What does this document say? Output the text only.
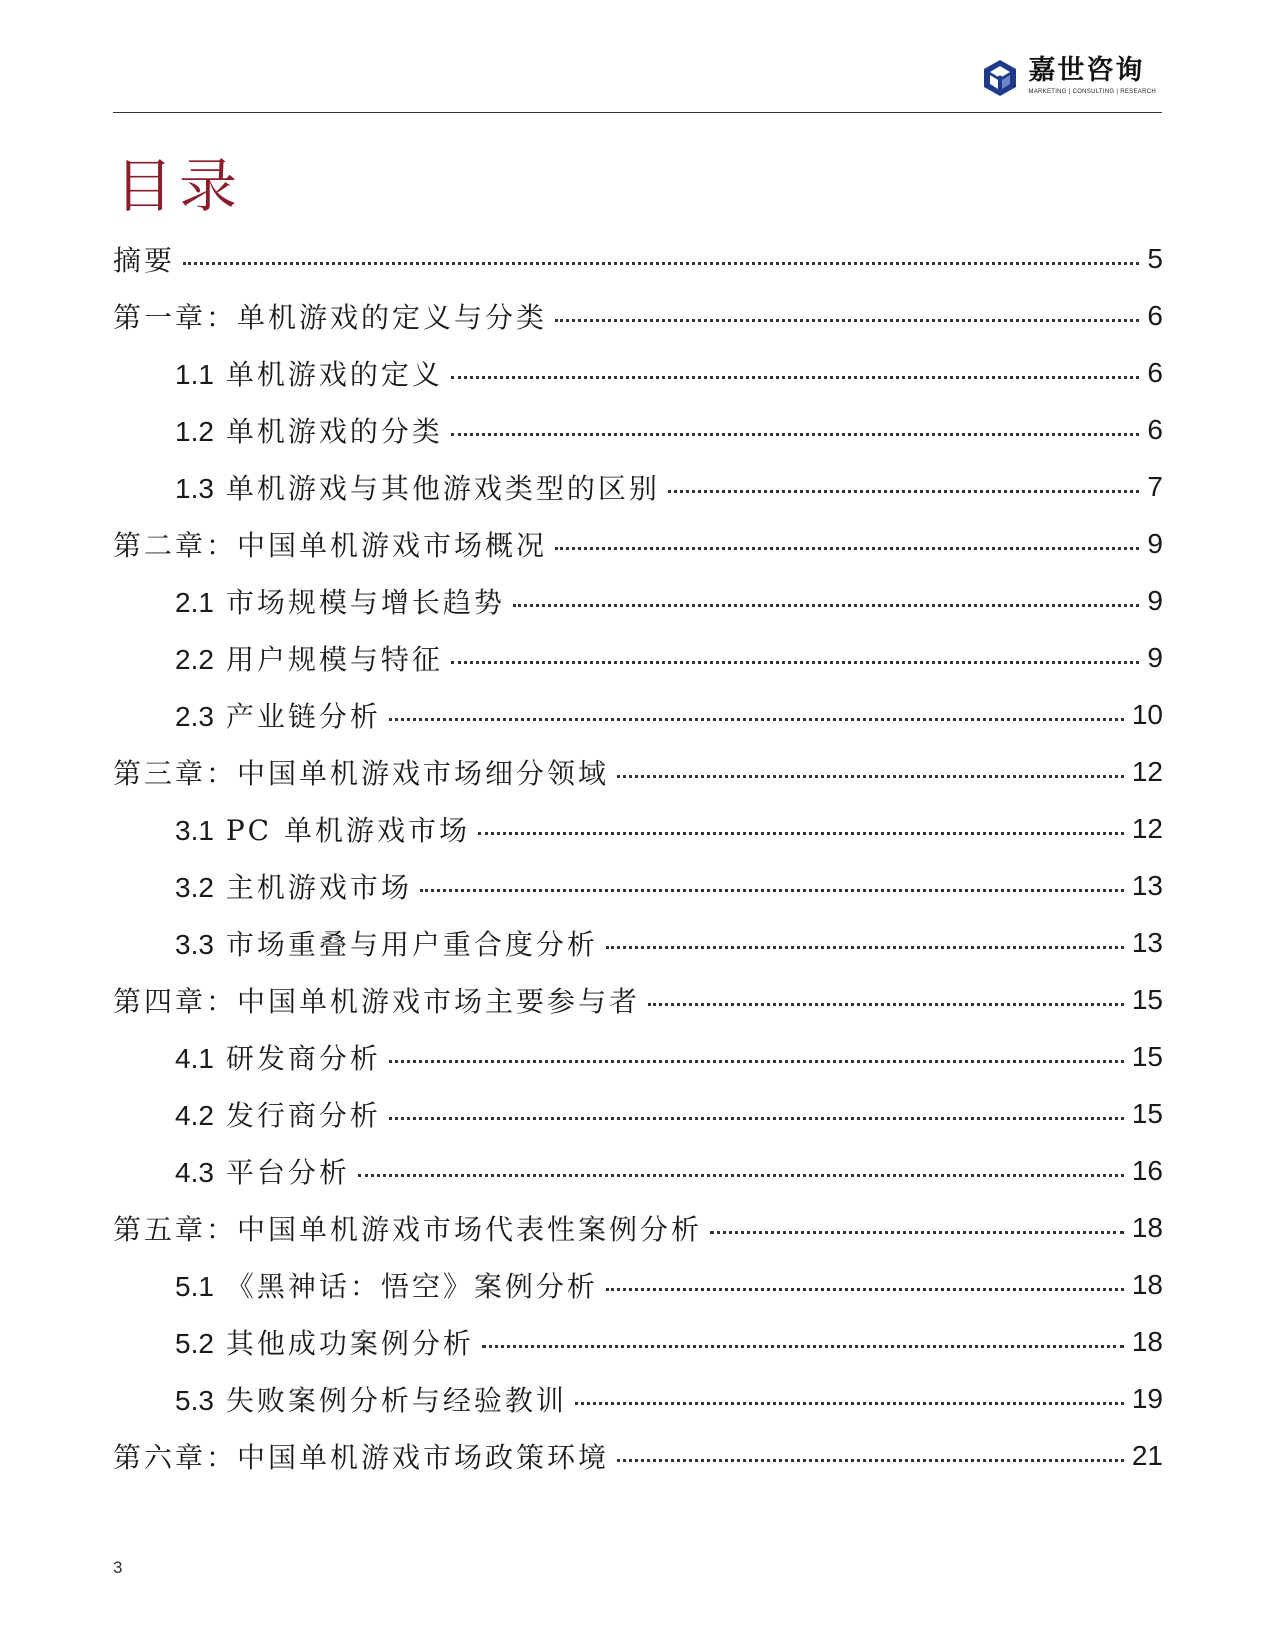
嘉世咨询
MARKETING | CONSULTING | RESEARCH
目录
摘要	5
第一章：单机游戏的定义与分类	6
1.1 单机游戏的定义	6
1.2 单机游戏的分类	6
1.3 单机游戏与其他游戏类型的区别	7
第二章：中国单机游戏市场概况	9
2.1 市场规模与增长趋势	9
2.2 用户规模与特征	9
2.3 产业链分析	10
第三章：中国单机游戏市场细分领域	12
3.1 PC 单机游戏市场	12
3.2 主机游戏市场	13
3.3 市场重叠与用户重合度分析	13
第四章：中国单机游戏市场主要参与者	15
4.1 研发商分析	15
4.2 发行商分析	15
4.3 平台分析	16
第五章：中国单机游戏市场代表性案例分析	18
5.1 《黑神话：悟空》案例分析	18
5.2 其他成功案例分析	18
5.3 失败案例分析与经验教训	19
第六章：中国单机游戏市场政策环境	21
3
